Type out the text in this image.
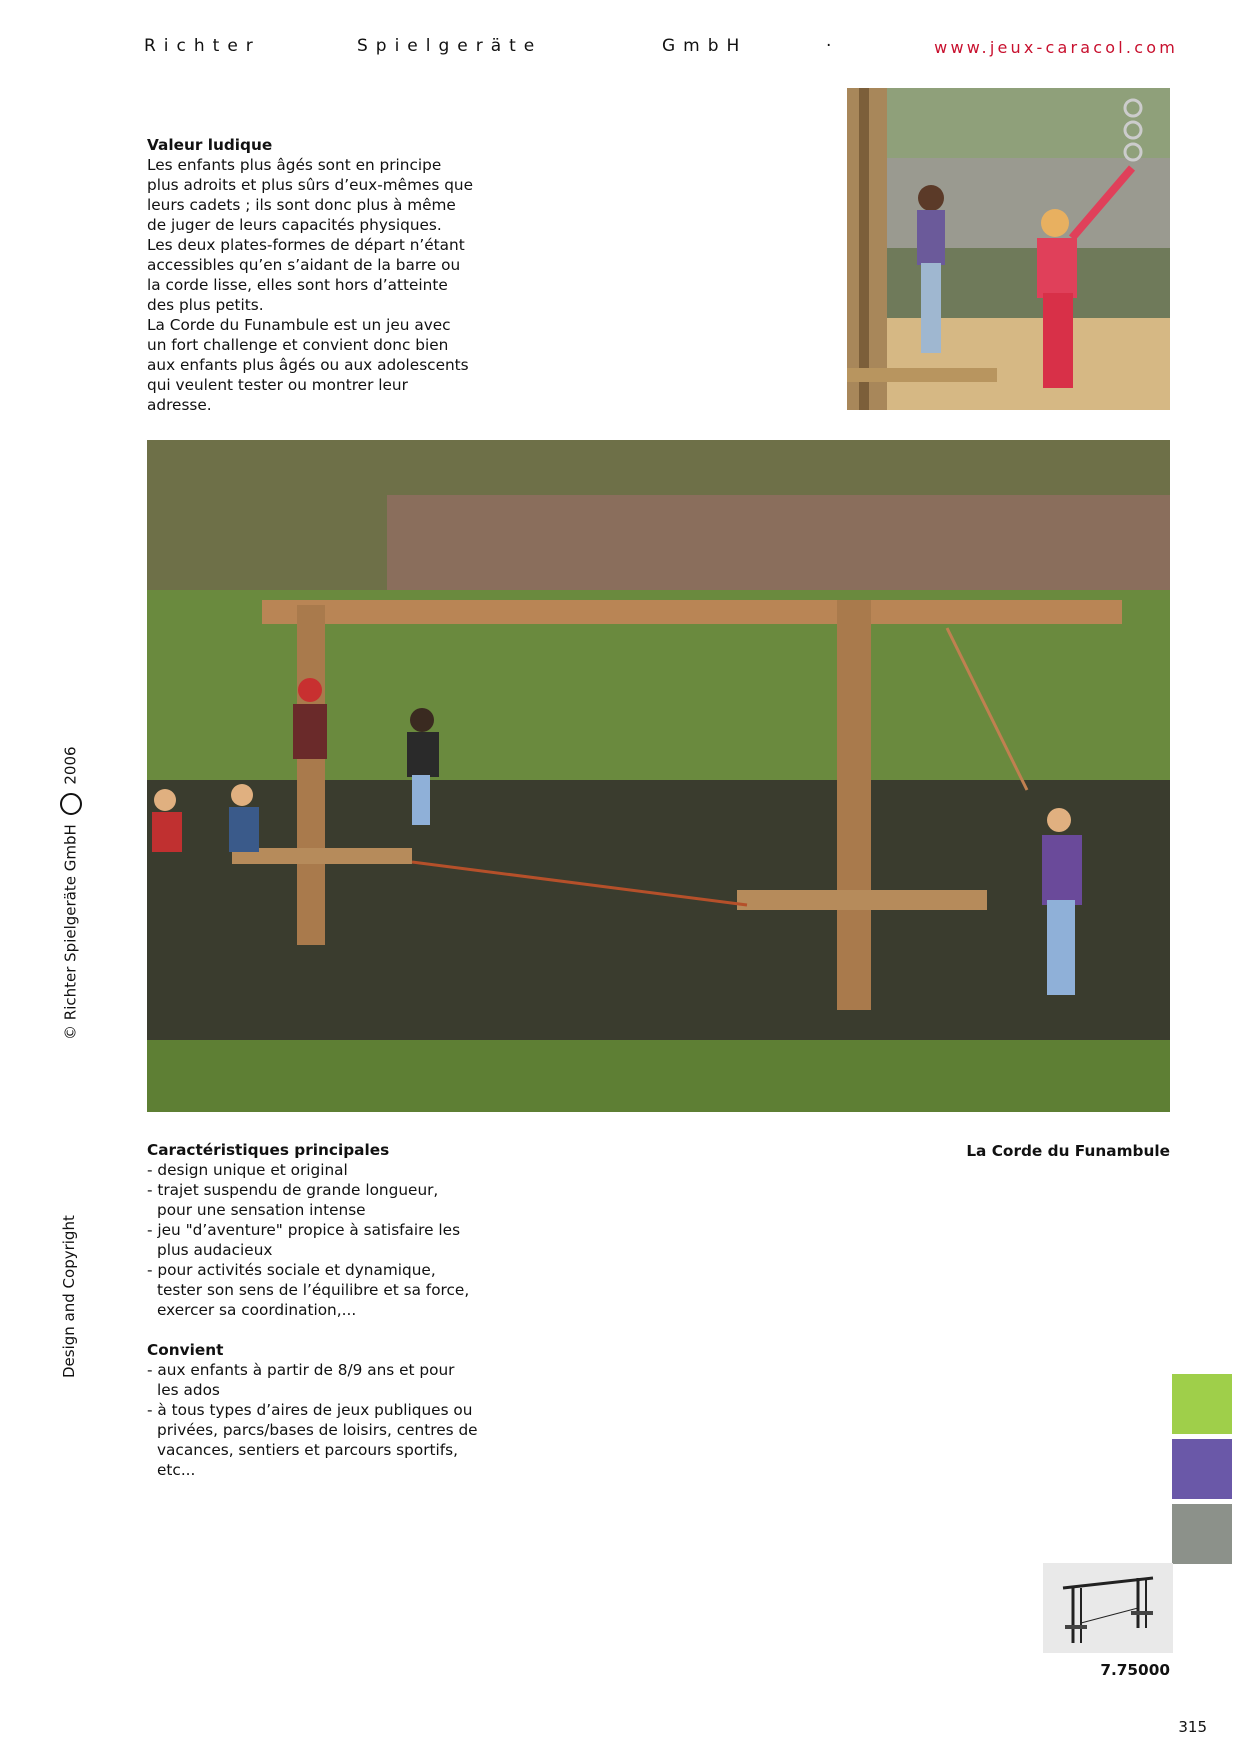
Richter	Spielgeräte	GmbH	·	www.jeux-caracol.com
Valeur ludique
Les enfants plus âgés sont en principe
plus adroits et plus sûrs d’eux-mêmes que
leurs cadets ; ils sont donc plus à même
de juger de leurs capacités physiques.
Les deux plates-formes de départ n’étant
accessibles qu’en s’aidant de la barre ou
la corde lisse, elles sont hors d’atteinte
des plus petits.
La Corde du Funambule est un jeu avec
un fort challenge et convient donc bien
aux enfants plus âgés ou aux adolescents
qui veulent tester ou montrer leur
adresse.
Caractéristiques principales
- design unique et original
- trajet suspendu de grande longueur,
pour une sensation intense
- jeu "d’aventure" propice à satisfaire les
plus audacieux
- pour activités sociale et dynamique,
tester son sens de l’équilibre et sa force,
exercer sa coordination,...
Convient
- aux enfants à partir de 8/9 ans et pour
les ados
- à tous types d’aires de jeux publiques ou
privées, parcs/bases de loisirs, centres de
vacances, sentiers et parcours sportifs,
etc...
La Corde du Funambule
© Richter Spielgeräte GmbH  2006
Design and Copyright
7.75000
315
